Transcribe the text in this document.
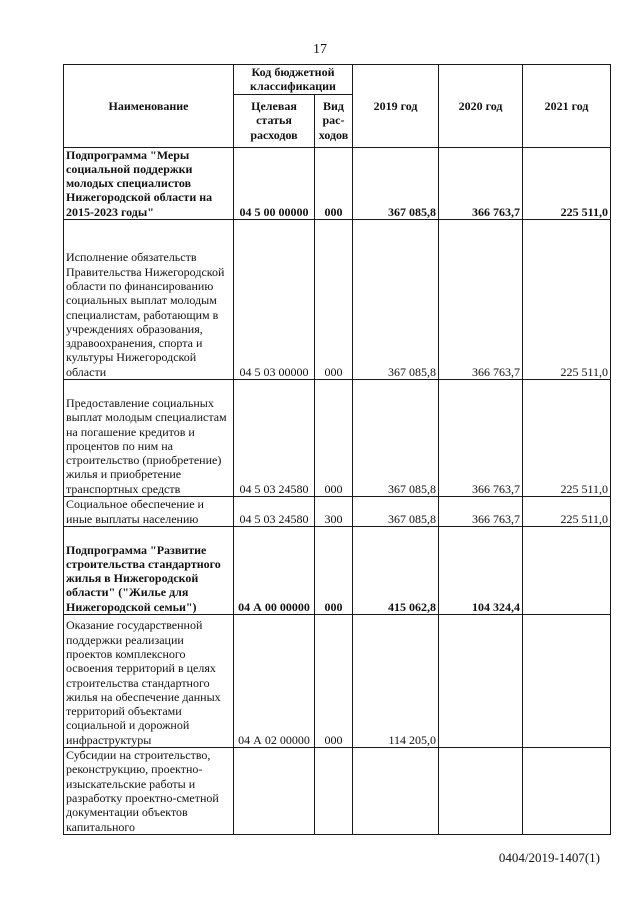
17
Наименование	Код бюджетной классификации		2019 год	2020 год	2021 год
	Целевая статья расходов	Вид рас-ходов			
Подпрограмма "Меры социальной поддержки молодых специалистов Нижегородской области на 2015-2023 годы"	04 5 00 00000	000	367 085,8	366 763,7	225 511,0
Исполнение обязательств Правительства Нижегородской области по финансированию социальных выплат молодым специалистам, работающим в учреждениях образования, здравоохранения, спорта и культуры Нижегородской области	04 5 03 00000	000	367 085,8	366 763,7	225 511,0
Предоставление социальных выплат молодым специалистам на погашение кредитов и процентов по ним на строительство (приобретение) жилья и приобретение транспортных средств	04 5 03 24580	000	367 085,8	366 763,7	225 511,0
Социальное обеспечение и иные выплаты населению	04 5 03 24580	300	367 085,8	366 763,7	225 511,0
Подпрограмма "Развитие строительства стандартного жилья в Нижегородской области" ("Жилье для Нижегородской семьи")	04 А 00 00000	000	415 062,8	104 324,4	
Оказание государственной поддержки реализации проектов комплексного освоения территорий в целях строительства стандартного жилья на обеспечение данных территорий объектами социальной и дорожной инфраструктуры	04 А 02 00000	000	114 205,0		
Субсидии на строительство, реконструкцию, проектно-изыскательские работы и разработку проектно-сметной документации объектов капитального					
0404/2019-1407(1)
